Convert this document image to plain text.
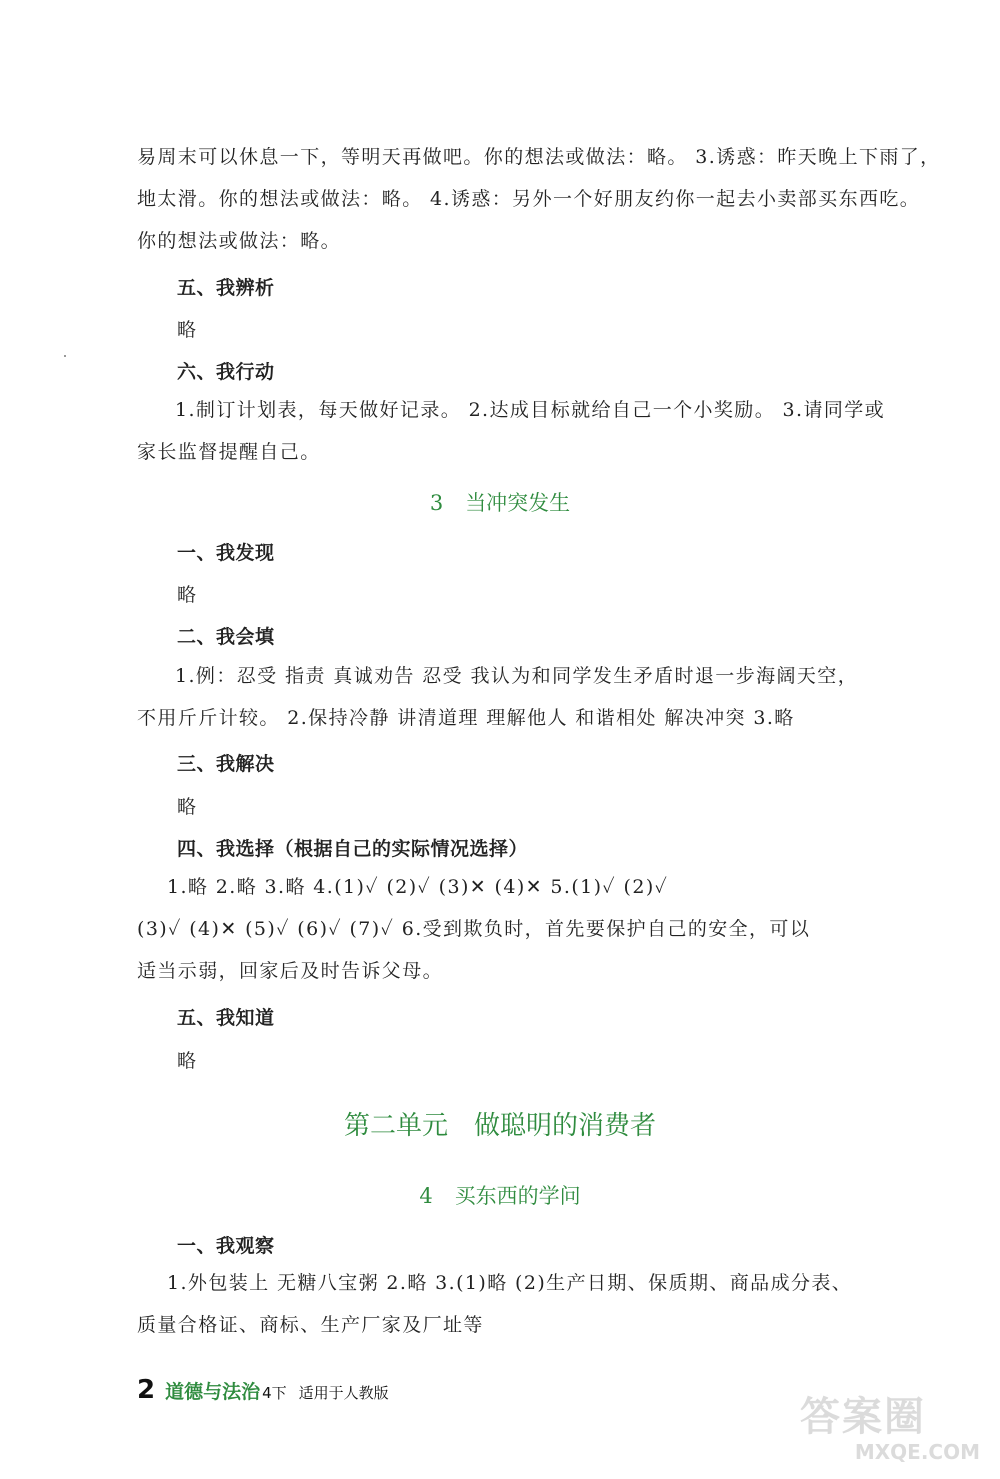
易周末可以休息一下，等明天再做吧。你的想法或做法：略。 3.诱惑：昨天晚上下雨了，
地太滑。你的想法或做法：略。 4.诱惑：另外一个好朋友约你一起去小卖部买东西吃。
你的想法或做法：略。
五、我辨析
略
六、我行动
1.制订计划表，每天做好记录。 2.达成目标就给自己一个小奖励。 3.请同学或
家长监督提醒自己。
3 当冲突发生
一、我发现
略
二、我会填
1.例：忍受 指责 真诚劝告 忍受 我认为和同学发生矛盾时退一步海阔天空，
不用斤斤计较。 2.保持冷静 讲清道理 理解他人 和谐相处 解决冲突 3.略
三、我解决
略
四、我选择（根据自己的实际情况选择）
1.略 2.略 3.略 4.(1)✓ (2)✓ (3)✕ (4)✕ 5.(1)✓ (2)✓
(3)✓ (4)✕ (5)✓ (6)✓ (7)✓ 6.受到欺负时，首先要保护自己的安全，可以
适当示弱，回家后及时告诉父母。
五、我知道
略
第二单元 做聪明的消费者
4 买东西的学问
一、我观察
1.外包装上 无糖八宝粥 2.略 3.(1)略 (2)生产日期、保质期、商品成分表、
质量合格证、商标、生产厂家及厂址等
2 道德与法治 4下 适用于人教版
答案圈
MXQE.COM
